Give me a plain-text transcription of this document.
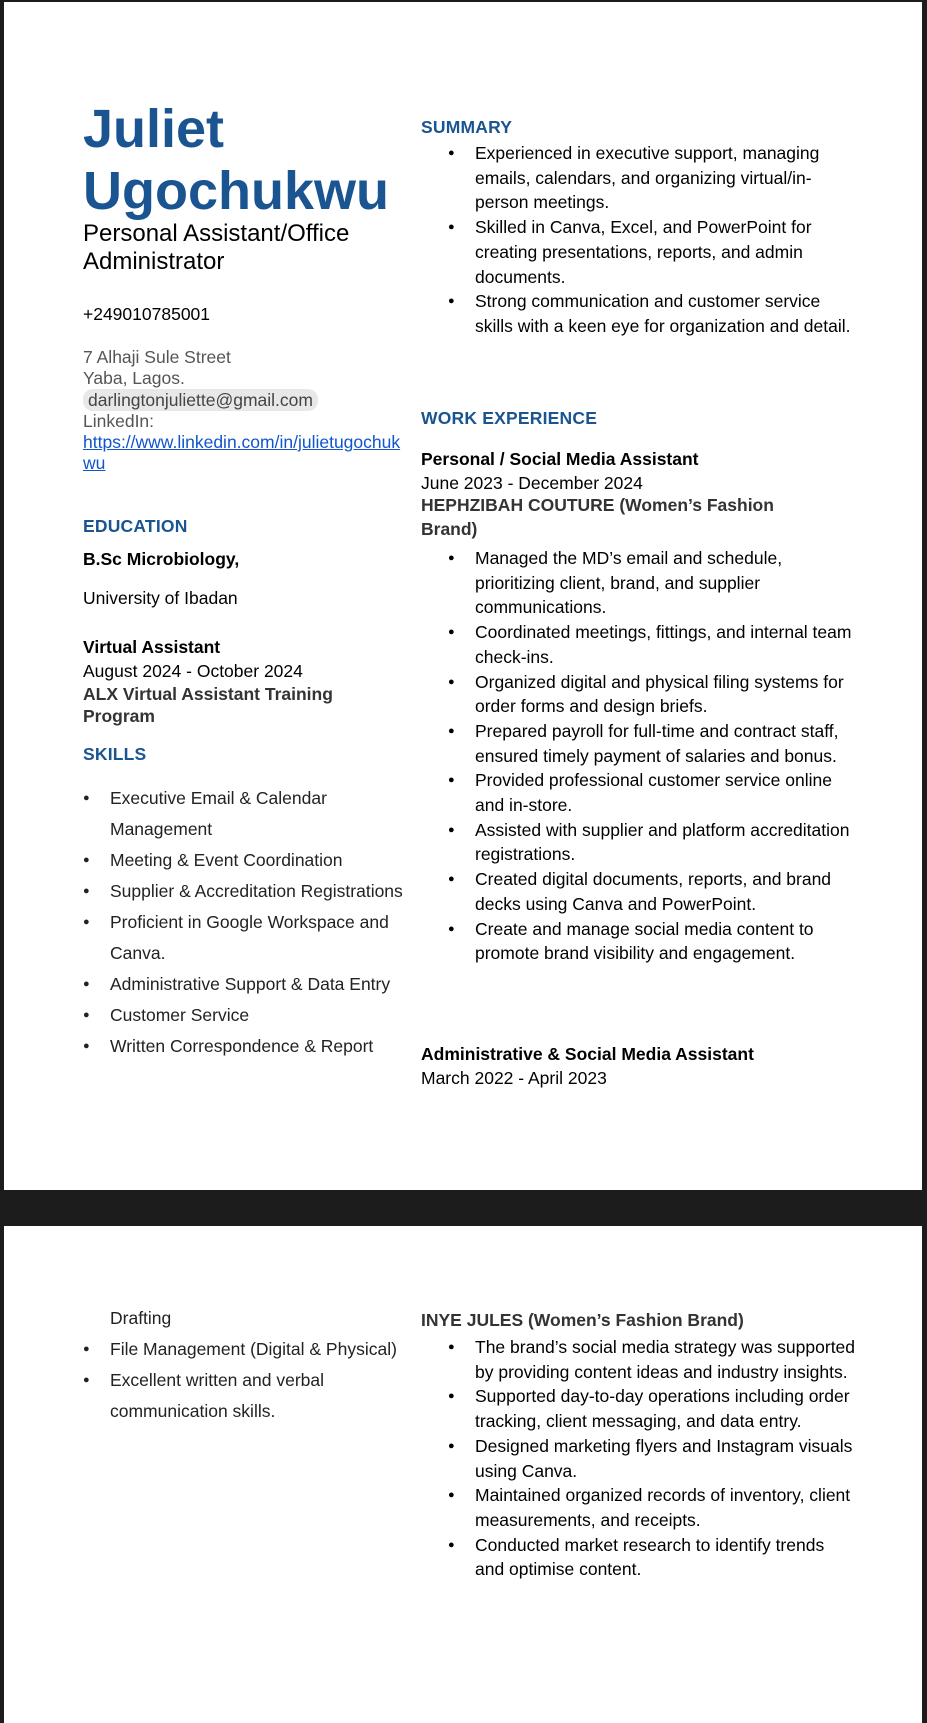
Juliet
Ugochukwu
Personal Assistant/Office
Administrator
+249010785001
7 Alhaji Sule Street
Yaba, Lagos.
darlingtonjuliette@gmail.com
LinkedIn:
https://www.linkedin.com/in/julietugochukwu
EDUCATION
B.Sc Microbiology,
University of Ibadan
Virtual Assistant
August 2024 - October 2024
ALX Virtual Assistant Training Program
SKILLS
● Executive Email & Calendar Management
● Meeting & Event Coordination
● Supplier & Accreditation Registrations
● Proficient in Google Workspace and Canva.
● Administrative Support & Data Entry
● Customer Service
● Written Correspondence & Report
SUMMARY
● Experienced in executive support, managing emails, calendars, and organizing virtual/in-person meetings.
● Skilled in Canva, Excel, and PowerPoint for creating presentations, reports, and admin documents.
● Strong communication and customer service skills with a keen eye for organization and detail.
WORK EXPERIENCE
Personal / Social Media Assistant
June 2023 - December 2024
HEPHZIBAH COUTURE (Women’s Fashion Brand)
● Managed the MD’s email and schedule, prioritizing client, brand, and supplier communications.
● Coordinated meetings, fittings, and internal team check-ins.
● Organized digital and physical filing systems for order forms and design briefs.
● Prepared payroll for full-time and contract staff, ensured timely payment of salaries and bonus.
● Provided professional customer service online and in-store.
● Assisted with supplier and platform accreditation registrations.
● Created digital documents, reports, and brand decks using Canva and PowerPoint.
● Create and manage social media content to promote brand visibility and engagement.
Administrative & Social Media Assistant
March 2022 - April 2023
Drafting
● File Management (Digital & Physical)
● Excellent written and verbal communication skills.
INYE JULES (Women’s Fashion Brand)
● The brand’s social media strategy was supported by providing content ideas and industry insights.
● Supported day-to-day operations including order tracking, client messaging, and data entry.
● Designed marketing flyers and Instagram visuals using Canva.
● Maintained organized records of inventory, client measurements, and receipts.
● Conducted market research to identify trends and optimise content.
